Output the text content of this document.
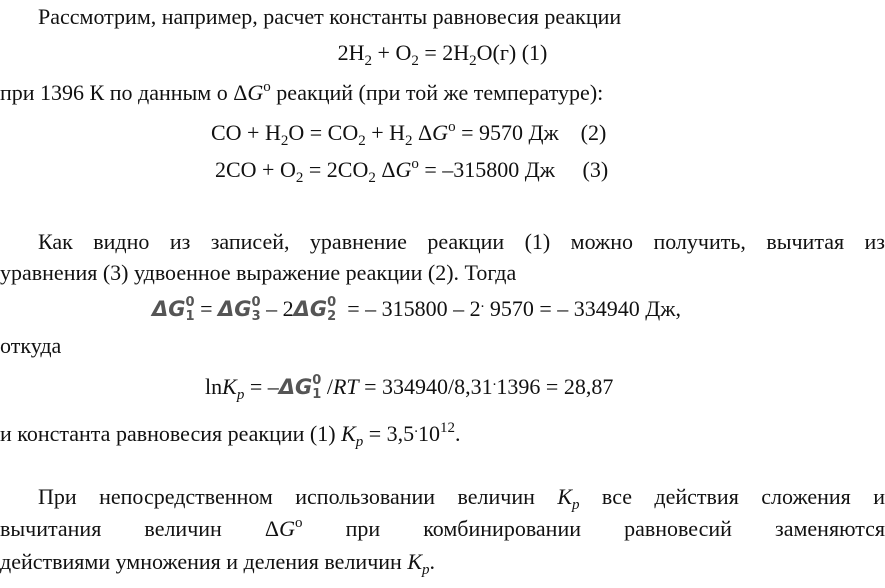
Рассмотрим, например, расчет константы равновесия реакции
$2H_2 + O_2 = 2H_2O(г)$ (1)
при 1396 К по данным о $\Delta G^o$ реакций (при той же температуре):
CO + $H_2O = CO_2 + H_2$ $\Delta G^o = 9570$ Дж    (2)
$2CO + O_2 = 2CO_2$ $\Delta G^o = -315800$ Дж     (3)
Как видно из записей, уравнение реакции (1) можно получить, вычитая из
уравнения (3) удвоенное выражение реакции (2). Тогда
$\Delta G^0_1 = \Delta G^0_3 - 2\Delta G^0_2$  = – 315800 – 2. 9570 = – 334940 Дж,
откуда
$\ln K_p = -\Delta G^0_1$ /RT = 334940/8,31.1396 = 28,87
и константа равновесия реакции (1) $K_p = 3,5^.10^{12}$.
При непосредственном использовании величин $K_p$ все действия сложения и
вычитания величин $\Delta G^o$ при комбинировании равновесий заменяются
действиями умножения и деления величин $K_p$.
